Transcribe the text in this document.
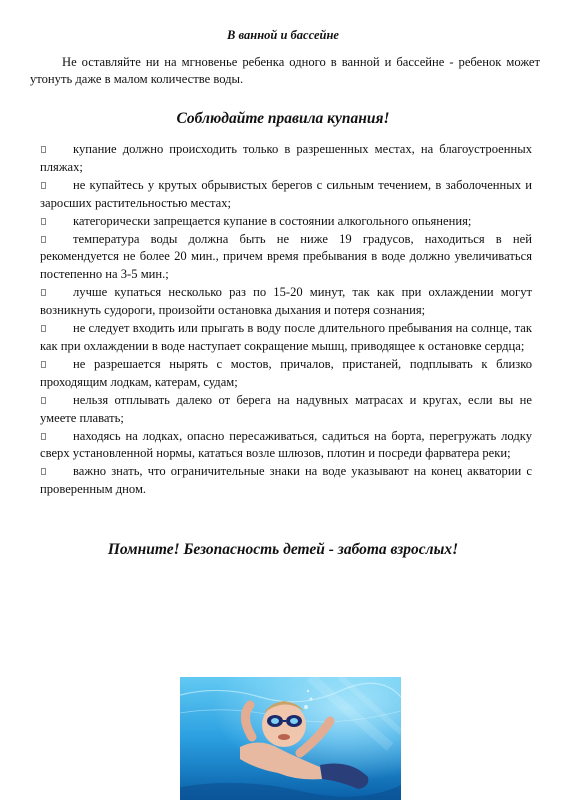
В ванной и бассейне

Не оставляйте ни на мгновенье ребенка одного в ванной и бассейне - ребенок может утонуть даже в малом количестве воды.

Соблюдайте правила купания!

купание должно происходить только в разрешенных местах, на благоустроенных пляжах;
не купайтесь у крутых обрывистых берегов с сильным течением, в заболоченных и заросших растительностью местах;
категорически запрещается купание в состоянии алкогольного опьянения;
температура воды должна быть не ниже 19 градусов, находиться в ней рекомендуется не более 20 мин., причем время пребывания в воде должно увеличиваться постепенно на 3-5 мин.;
лучше купаться несколько раз по 15-20 минут, так как при охлаждении могут возникнуть судороги, произойти остановка дыхания и потеря сознания;
не следует входить или прыгать в воду после длительного пребывания на солнце, так как при охлаждении в воде наступает сокращение мышц, приводящее к остановке сердца;
не разрешается нырять с мостов, причалов, пристаней, подплывать к близко проходящим лодкам, катерам, судам;
нельзя отплывать далеко от берега на надувных матрасах и кругах, если вы не умеете плавать;
находясь на лодках, опасно пересаживаться, садиться на борта, перегружать лодку сверх установленной нормы, кататься возле шлюзов, плотин и посреди фарватера реки;
важно знать, что ограничительные знаки на воде указывают на конец акватории с проверенным дном.

Помните! Безопасность детей - забота взрослых!
